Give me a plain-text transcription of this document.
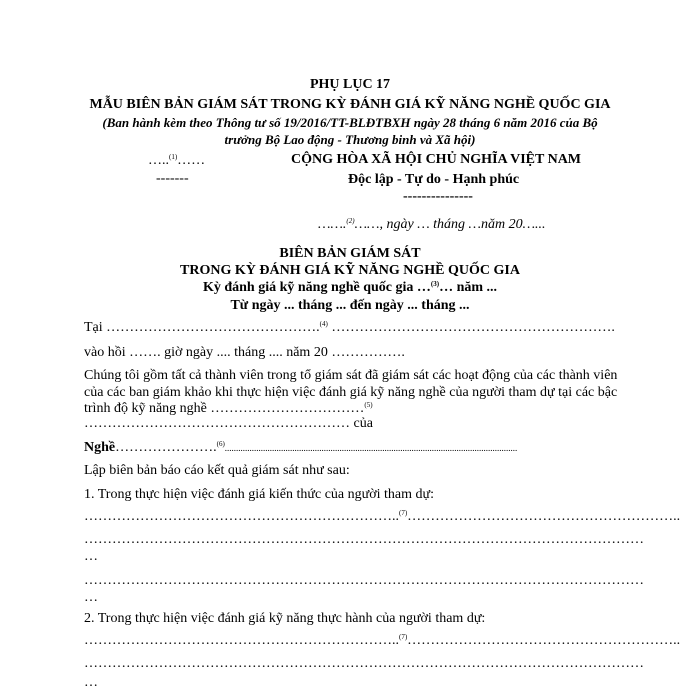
PHỤ LỤC 17
MẪU BIÊN BẢN GIÁM SÁT TRONG KỲ ĐÁNH GIÁ KỸ NĂNG NGHỀ QUỐC GIA
(Ban hành kèm theo Thông tư số 19/2016/TT-BLĐTBXH ngày 28 tháng 6 năm 2016 của Bộ
trưởng Bộ Lao động - Thương binh và Xã hội)
…..$^{(1)}$……
-------
CỘNG HÒA XÃ HỘI CHỦ NGHĨA VIỆT NAM
Độc lập - Tự do - Hạnh phúc
---------------
…….$^{(2)}$……, ngày … tháng …năm 20…...
BIÊN BẢN GIÁM SÁT
TRONG KỲ ĐÁNH GIÁ KỸ NĂNG NGHỀ QUỐC GIA
Kỳ đánh giá kỹ năng nghề quốc gia …$^{(3)}$… năm ...
Từ ngày ... tháng ... đến ngày ... tháng ...
Tại ……………………………………….$^{(4)}$ …………………………………………………….
vào hồi ……. giờ ngày .... tháng .... năm 20 …………….
Chúng tôi gồm tất cả thành viên trong tổ giám sát đã giám sát các hoạt động của các thành viên
của các ban giám khảo khi thực hiện việc đánh giá kỹ năng nghề của người tham dự tại các bậc
trình độ kỹ năng nghề ……………………………$^{(5)}$
………………………………………………… của
Nghề………………….$^{(6)}$..................................................................................................................................
Lập biên bản báo cáo kết quả giám sát như sau:
1. Trong thực hiện việc đánh giá kiến thức của người tham dự:
…………………………………………………………..$^{(7)}$…………………………………………………..
…………………………………………………………………………………………………………
…
…………………………………………………………………………………………………………
…
2. Trong thực hiện việc đánh giá kỹ năng thực hành của người tham dự:
…………………………………………………………..$^{(7)}$…………………………………………………..
…………………………………………………………………………………………………………
…
